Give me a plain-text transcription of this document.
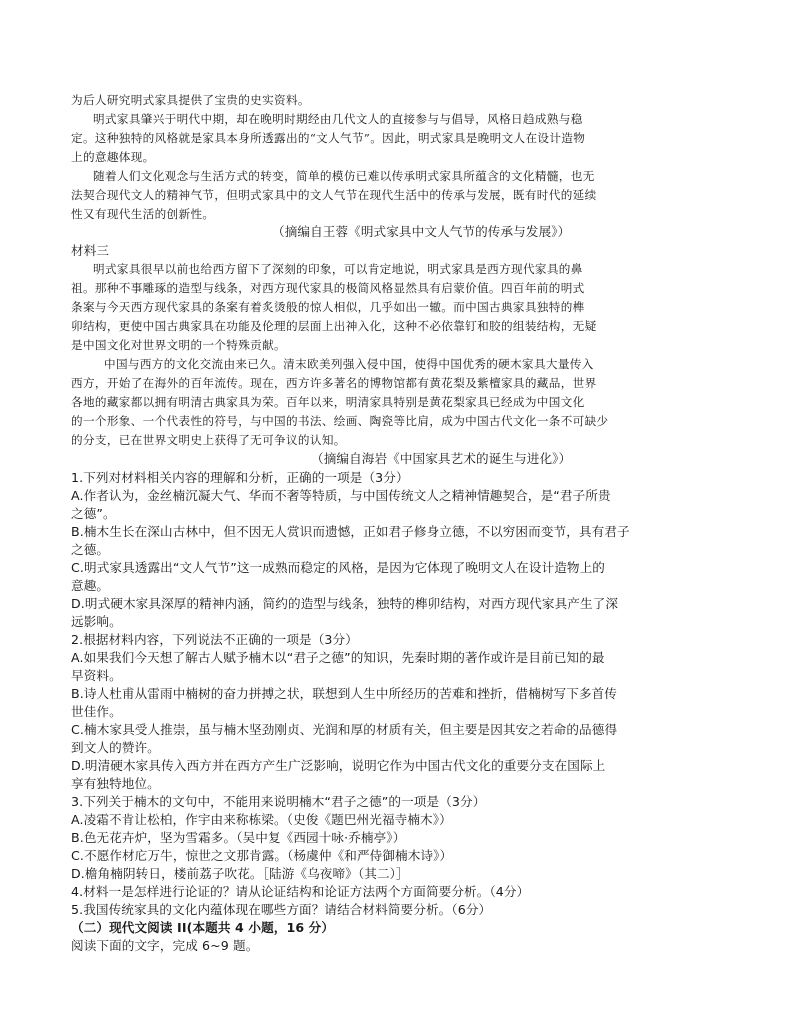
为后人研究明式家具提供了宝贵的史实资料。
明式家具肇兴于明代中期，却在晚明时期经由几代文人的直接参与与倡导，风格日趋成熟与稳
定。这种独特的风格就是家具本身所透露出的“文人气节”。因此，明式家具是晚明文人在设计造物
上的意趣体现。
随着人们文化观念与生活方式的转变，简单的模仿已难以传承明式家具所蕴含的文化精髓，也无
法契合现代文人的精神气节，但明式家具中的文人气节在现代生活中的传承与发展，既有时代的延续
性又有现代生活的创新性。
（摘编自王蓉《明式家具中文人气节的传承与发展》）
材料三
明式家具很早以前也给西方留下了深刻的印象，可以肯定地说，明式家具是西方现代家具的鼻
祖。那种不事雕琢的造型与线条，对西方现代家具的极简风格显然具有启蒙价值。四百年前的明式
条案与今天西方现代家具的条案有着炙烫般的惊人相似，几乎如出一辙。而中国古典家具独特的榫
卯结构，更使中国古典家具在功能及伦理的层面上出神入化，这种不必依靠钉和胶的组装结构，无疑
是中国文化对世界文明的一个特殊贡献。
中国与西方的文化交流由来已久。清末欧美列强入侵中国，使得中国优秀的硬木家具大量传入
西方，开始了在海外的百年流传。现在，西方许多著名的博物馆都有黄花梨及紫檀家具的藏品，世界
各地的藏家都以拥有明清古典家具为荣。百年以来，明清家具特别是黄花梨家具已经成为中国文化
的一个形象、一个代表性的符号，与中国的书法、绘画、陶瓷等比肩，成为中国古代文化一条不可缺少
的分支，已在世界文明史上获得了无可争议的认知。
（摘编自海岩《中国家具艺术的诞生与进化》）
1.下列对材料相关内容的理解和分析，正确的一项是（3分）
A.作者认为，金丝楠沉凝大气、华而不奢等特质，与中国传统文人之精神情趣契合，是“君子所贵
之德”。
B.楠木生长在深山古林中，但不因无人赏识而遗憾，正如君子修身立德，不以穷困而变节，具有君子
之德。
C.明式家具透露出“文人气节”这一成熟而稳定的风格，是因为它体现了晚明文人在设计造物上的
意趣。
D.明式硬木家具深厚的精神内涵，简约的造型与线条，独特的榫卯结构，对西方现代家具产生了深
远影响。
2.根据材料内容，下列说法不正确的一项是（3分）
A.如果我们今天想了解古人赋予楠木以“君子之德”的知识，先秦时期的著作或许是目前已知的最
早资料。
B.诗人杜甫从雷雨中楠树的奋力拼搏之状，联想到人生中所经历的苦难和挫折，借楠树写下多首传
世佳作。
C.楠木家具受人推崇，虽与楠木坚劲刚贞、光润和厚的材质有关，但主要是因其安之若命的品德得
到文人的赞许。
D.明清硬木家具传入西方并在西方产生广泛影响，说明它作为中国古代文化的重要分支在国际上
享有独特地位。
3.下列关于楠木的文句中，不能用来说明楠木“君子之德”的一项是（3分）
A.凌霜不肯让松柏，作宇由来称栋梁。（史俊《题巴州光福寺楠木》）
B.色无花卉炉，坚为雪霜多。（吴中复《西园十咏·乔楠亭》）
C.不愿作材庀万牛，惊世之文那肯露。（杨虞仲《和严侍御楠木诗》）
D.檐角楠阴转日，楼前荔子吹花。［陆游《乌夜啼》（其二）］
4.材料一是怎样进行论证的？请从论证结构和论证方法两个方面简要分析。（4分）
5.我国传统家具的文化内蕴体现在哪些方面？请结合材料简要分析。（6分）
（二）现代文阅读 II(本题共 4 小题，16 分）
阅读下面的文字，完成 6~9 题。
